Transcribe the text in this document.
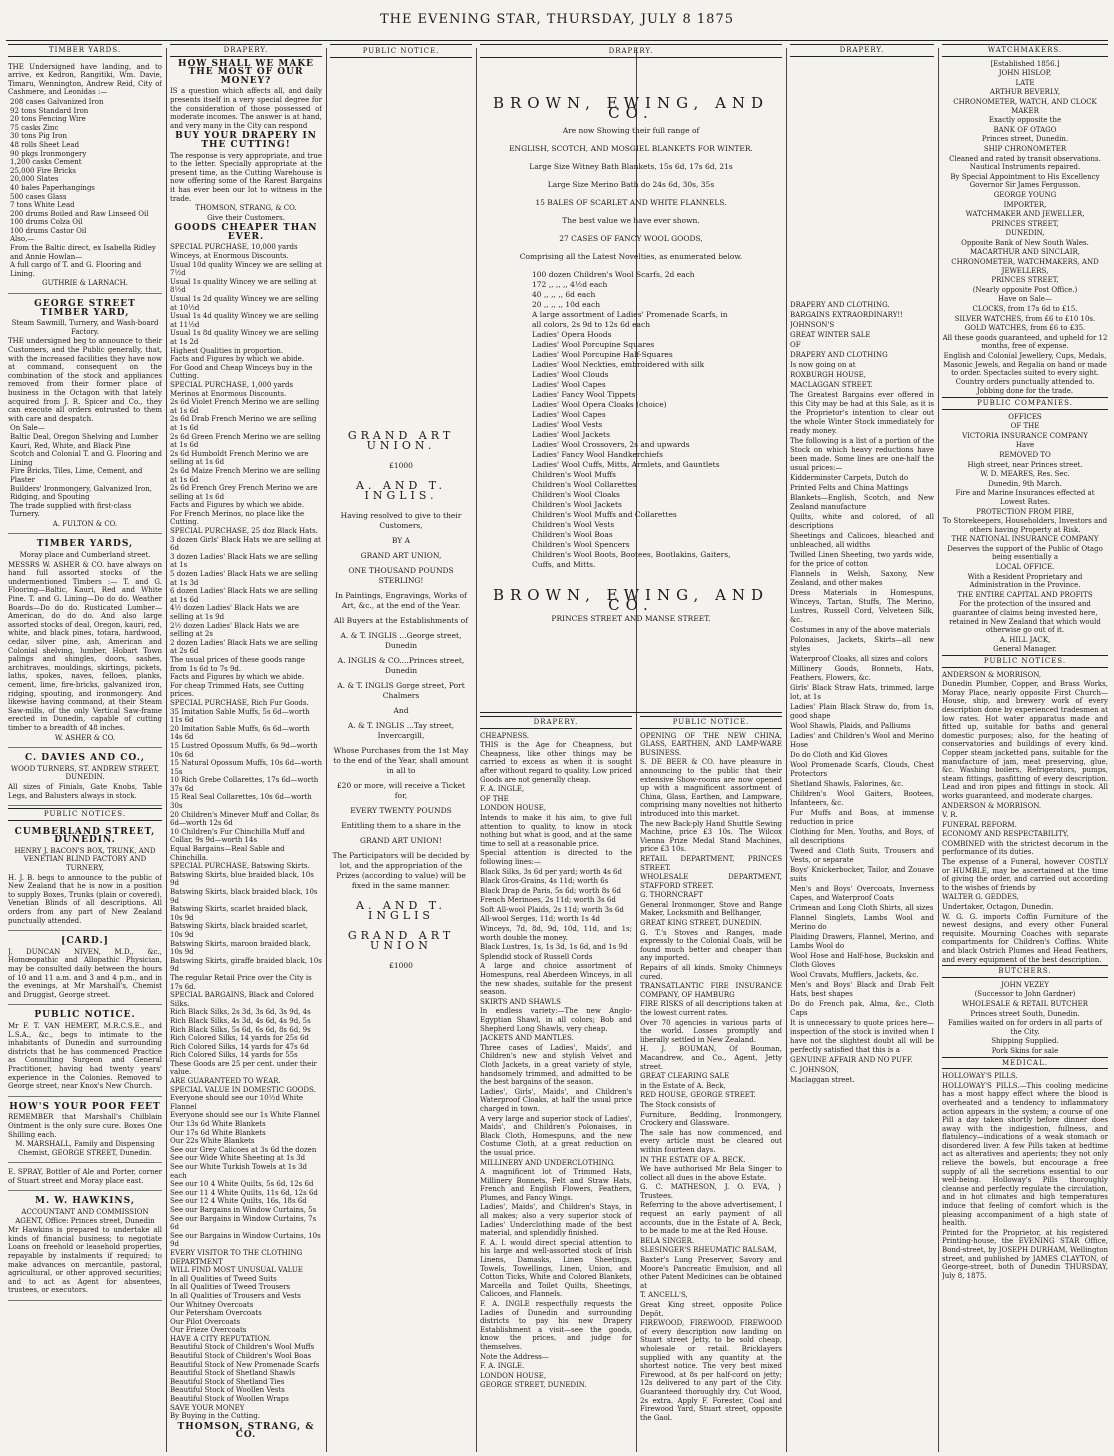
THE EVENING STAR, THURSDAY, JULY 8 1875
TIMBER YARDS.
THE Undersigned have landing, and to arrive, ex Kedron, Rangitiki, Wm. Davie, Timaru, Wennington, Andrew Reid, City of Cashmere, and Leonidas :—
208 cases Galvanized Iron
92 tons Standard Iron
20 tons Fencing Wire
75 casks Zinc
30 tons Pig Iron
48 rolls Sheet Lead
90 pkgs Ironmongery
1,200 casks Cement
25,000 Fire Bricks
20,000 Slates
40 bales Paperhangings
500 cases Glass
7 tons White Lead
200 drums Boiled and Raw Linseed Oil
100 drums Colza Oil
100 drums Castor Oil
Also,—
From the Baltic direct, ex Isabella Ridley and Annie Howlan—
A full cargo of T. and G. Flooring and Lining.
GUTHRIE & LARNACH.
GEORGE STREET TIMBER YARD,
Steam Sawmill, Turnery, and Wash-board Factory.
THE undersigned beg to announce to their Customers, and the Public generally, that, with the increased facilities they have now at command, consequent on the combination of the stock and appliances removed from their former place of business in the Octagon with that lately acquired from J. R. Spicer and Co., they can execute all orders entrusted to them with care and despatch.
On Sale—
Baltic Deal, Oregon Shelving and Lumber
Kauri, Red, White, and Black Pine
Scotch and Colonial T. and G. Flooring and Lining
Fire Bricks, Tiles, Lime, Cement, and Plaster
Builders' Ironmongery, Galvanized Iron, Ridging, and Spouting
The trade supplied with first-class Turnery.
A. FULTON & CO.
TIMBER YARDS,
Moray place and Cumberland street.
MESSRS W. ASHER & CO. have always on hand full assorted stocks of the undermentioned Timbers :— T. and G. Flooring—Baltic, Kauri, Red and White Pine. T. and G. Lining—Do do do. Weather Boards—Do do do. Rusticated Lumber—American, do do do. And also large assorted stocks of deal, Oregon, kauri, red, white, and black pines, totara, hardwood, cedar, silver pine, ash, American and Colonial shelving, lumber, Hobart Town palings and shingles, doors, sashes, architraves, mouldings, skirtings, pickets, laths, spokes, naves, felloes, planks, cement, lime, fire-bricks, galvanized iron, ridging, spouting, and ironmongery. And likewise having command, at their Steam Saw-mills, of the only Vertical Saw-frame erected in Dunedin, capable of cutting timber to a breadth of 48 inches.
W. ASHER & CO.
C. DAVIES AND CO.,
WOOD TURNERS, ST. ANDREW STREET, DUNEDIN.
All sizes of Finials, Gate Knobs, Table Legs, and Balusters always in stock.
PUBLIC NOTICES.
CUMBERLAND STREET, DUNEDIN.
HENRY J. BACON'S BOX, TRUNK, AND VENETIAN BLIND FACTORY AND TURNERY,
H. J. B. begs to announce to the public of New Zealand that he is now in a position to supply Boxes, Trunks (plain or covered), Venetian Blinds of all descriptions. All orders from any part of New Zealand punctually attended.
[CARD.]
J. DUNCAN NIVEN, M.D., &c., Homœopathic and Allopathic Physician, may be consulted daily between the hours of 10 and 11 a.m. and 3 and 4 p.m., and in the evenings, at Mr Marshall's, Chemist and Druggist, George street.
PUBLIC NOTICE.
Mr F. T. VAN HEMERT, M.R.C.S.E., and L.S.A., &c., begs to intimate to the inhabitants of Dunedin and surrounding districts that he has commenced Practice as Consulting Surgeon and General Practitioner, having had twenty years' experience in the Colonies. Removed to George street, near Knox's New Church.
HOW'S YOUR POOR FEET
REMEMBER that Marshall's Chilblain Ointment is the only sure cure. Boxes One Shilling each.
M. MARSHALL, Family and Dispensing Chemist, GEORGE STREET, Dunedin.
E. SPRAY, Bottler of Ale and Porter, corner of Stuart street and Moray place east.
M. W. HAWKINS,
ACCOUNTANT AND COMMISSION AGENT, Office: Princes street, Dunedin
Mr Hawkins is prepared to undertake all kinds of financial business; to negotiate Loans on freehold or leasehold properties, repayable by instalments if required; to make advances on mercantile, pastoral, agricultural, or other approved securities; and to act as Agent for absentees, trustees, or executors.
DRAPERY.
HOW SHALL WE MAKE THE MOST OF OUR MONEY?
IS a question which affects all, and daily presents itself in a very special degree for the consideration of those possessed of moderate incomes. The answer is at hand, and very many in the City can respond
BUY YOUR DRAPERY IN THE CUTTING!
The response is very appropriate, and true to the letter. Specially appropriate at the present time, as the Cutting Warehouse is now offering some of the Rarest Bargains it has ever been our lot to witness in the trade.
THOMSON, STRANG, & CO.
Give their Customers.
GOODS CHEAPER THAN EVER.
SPECIAL PURCHASE, 10,000 yards Winceys, at Enormous Discounts.
Usual 10d quality Wincey we are selling at 7½d
Usual 1s quality Wincey we are selling at 8½d
Usual 1s 2d quality Wincey we are selling at 10½d
Usual 1s 4d quality Wincey we are selling at 11½d
Usual 1s 8d quality Wincey we are selling at 1s 2d
Highest Qualities in proportion.
Facts and Figures by which we abide.
For Good and Cheap Winceys buy in the Cutting.
SPECIAL PURCHASE, 1,000 yards Merinos at Enormous Discounts.
2s 6d Violet French Merino we are selling at 1s 6d
2s 6d Drab French Merino we are selling at 1s 6d
2s 6d Green French Merino we are selling at 1s 6d
2s 6d Humboldt French Merino we are selling at 1s 6d
2s 6d Maize French Merino we are selling at 1s 6d
2s 6d French Grey French Merino we are selling at 1s 6d
Facts and Figures by which we abide.
For French Merinos, no place like the Cutting.
SPECIAL PURCHASE, 25 doz Black Hats.
3 dozen Girls' Black Hats we are selling at 6d
3 dozen Ladies' Black Hats we are selling at 1s
5 dozen Ladies' Black Hats we are selling at 1s 3d
6 dozen Ladies' Black Hats we are selling at 1s 6d
4½ dozen Ladies' Black Hats we are selling at 1s 9d
2½ dozen Ladies' Black Hats we are selling at 2s
2 dozen Ladies' Black Hats we are selling at 2s 6d
The usual prices of these goods range from 1s 6d to 7s 9d.
Facts and Figures by which we abide.
For cheap Trimmed Hats, see Cutting prices.
SPECIAL PURCHASE, Rich Fur Goods.
35 Imitation Sable Muffs, 5s 6d—worth 11s 6d
20 Imitation Sable Muffs, 6s 6d—worth 14s 6d
15 Lustred Opossum Muffs, 6s 9d—worth 10s 6d
15 Natural Opossum Muffs, 10s 6d—worth 15s
10 Rich Grebe Collarettes, 17s 6d—worth 37s 6d
15 Real Seal Collarettes, 10s 6d—worth 30s
20 Children's Minever Muff and Collar, 8s 6d—worth 12s 6d
10 Children's Fur Chinchilla Muff and Collar, 9s 9d—worth 14s
Equal Bargains—Real Sable and Chinchilla.
SPECIAL PURCHASE, Batswing Skirts.
Batswing Skirts, blue braided black, 10s 9d
Batswing Skirts, black braided black, 10s 9d
Batswing Skirts, scarlet braided black, 10s 9d
Batswing Skirts, black braided scarlet, 10s 9d
Batswing Skirts, maroon braided black, 10s 9d
Batswing Skirts, giraffe braided black, 10s 9d
The regular Retail Price over the City is 17s 6d.
SPECIAL BARGAINS, Black and Colored Silks.
Rich Black Silks, 2s 3d, 3s 6d, 3s 9d, 4s
Rich Black Silks, 4s 3d, 4s 6d, 4s 9d, 5s
Rich Black Silks, 5s 6d, 6s 6d, 8s 6d, 9s
Rich Colored Silks, 14 yards for 25s 6d
Rich Colored Silks, 14 yards for 47s 6d
Rich Colored Silks, 14 yards for 55s
These Goods are 25 per cent. under their value.
ARE GUARANTEED TO WEAR.
SPECIAL VALUE IN DOMESTIC GOODS.
Everyone should see our 10½d White Flannel
Everyone should see our 1s White Flannel
Our 13s 6d White Blankets
Our 17s 6d White Blankets
Our 22s White Blankets
See our Grey Calicoes at 3s 6d the dozen
See our Wide White Sheeting at 1s 3d
See our White Turkish Towels at 1s 3d each
See our 10 4 White Quilts, 5s 6d, 12s 6d
See our 11 4 White Quilts, 11s 6d, 12s 6d
See our 12 4 White Quilts, 16s, 18s 6d
See our Bargains in Window Curtains, 5s
See our Bargains in Window Curtains, 7s 6d
See our Bargains in Window Curtains, 10s 9d
EVERY VISITOR TO THE CLOTHING DEPARTMENT
WILL FIND MOST UNUSUAL VALUE
In all Qualities of Tweed Suits
In all Qualities of Tweed Trousers
In all Qualities of Trousers and Vests
Our Whitney Overcoats
Our Petersham Overcoats
Our Pilot Overcoats
Our Frieze Overcoats
HAVE A CITY REPUTATION.
Beautiful Stock of Children's Wool Muffs
Beautiful Stock of Children's Wool Boas
Beautiful Stock of New Promenade Scarfs
Beautiful Stock of Shetland Shawls
Beautiful Stock of Shetland Ties
Beautiful Stock of Woollen Vests
Beautiful Stock of Woollen Wraps
SAVE YOUR MONEY
By Buying in the Cutting.
THOMSON, STRANG, & CO.
PUBLIC NOTICE.
GRAND ART UNION.
£1000
A. AND T. INGLIS.
Having resolved to give to their Customers,
BY A
GRAND ART UNION,
ONE THOUSAND POUNDS STERLING!
In Paintings, Engravings, Works of Art, &c., at the end of the Year.
All Buyers at the Establishments of
A. & T. INGLIS ...George street, Dunedin
A. INGLIS & CO....Princes street, Dunedin
A. & T. INGLIS Gorge street, Port Chalmers
And
A. & T. INGLIS ...Tay street, Invercargill,
Whose Purchases from the 1st May to the end of the Year, shall amount in all to
£20 or more, will receive a Ticket for,
EVERY TWENTY POUNDS
Entitling them to a share in the
GRAND ART UNION!
The Participators will be decided by lot, and the appropriation of the Prizes (according to value) will be fixed in the same manner.
A. AND T. INGLIS
GRAND ART UNION
£1000
DRAPERY.
BROWN, EWING, AND CO.
Are now Showing their full range of
ENGLISH, SCOTCH, AND MOSGIEL BLANKETS FOR WINTER.
Large Size Witney Bath Blankets, 15s 6d, 17s 6d, 21s
Large Size Merino Bath do 24s 6d, 30s, 35s
15 BALES OF SCARLET AND WHITE FLANNELS.
The best value we have ever shown.
27 CASES OF FANCY WOOL GOODS,
Comprising all the Latest Novelties, as enumerated below.
100 dozen Children's Wool Scarfs, 2d each
172 ,, ,, ,, 4½d each
40 ,, ,, ,, 6d each
20 ,, ,, ,, 10d each
A large assortment of Ladies' Promenade Scarfs, in all colors, 2s 9d to 12s 6d each
Ladies' Opera Hoods
Ladies' Wool Porcupine Squares
Ladies' Wool Porcupine Half-Squares
Ladies' Wool Neckties, embroidered with silk
Ladies' Wool Clouds
Ladies' Wool Capes
Ladies' Fancy Wool Tippets
Ladies' Wool Opera Cloaks (choice)
Ladies' Wool Capes
Ladies' Wool Vests
Ladies' Wool Jackets
Ladies' Wool Crossovers, 2s and upwards
Ladies' Fancy Wool Handkerchiefs
Ladies' Wool Cuffs, Mitts, Armlets, and Gauntlets
Children's Wool Muffs
Children's Wool Collarettes
Children's Wool Cloaks
Children's Wool Jackets
Children's Wool Muffs and Collarettes
Children's Wool Vests
Children's Wool Boas
Children's Wool Spencers
Children's Wool Boots, Bootees, Bootlakins, Gaiters, Cuffs, and Mitts.
BROWN, EWING, AND CO.
PRINCES STREET AND MANSE STREET.
DRAPERY.
CHEAPNESS.
THIS is the Age for Cheapness, but Cheapness, like other things may be carried to excess as when it is sought after without regard to quality. Low priced Goods are not generally cheap.
F. A. INGLE,
OF THE
LONDON HOUSE,
Intends to make it his aim, to give full attention to quality, to know in stock nothing but what is good, and at the same time to sell at a reasonable price.
Special attention is directed to the following lines:—
Black Silks, 3s 6d per yard; worth 4s 6d
Black Gros-Grains, 4s 11d; worth 6s
Black Drap de Paris, 5s 6d; worth 8s 6d
French Merinoes, 2s 11d; worth 3s 6d
Soft All-wool Plaids, 2s 11d; worth 3s 6d
All-wool Serges, 11d; worth 1s 4d
Winceys, 7d, 8d, 9d, 10d, 11d, and 1s; worth double the money.
Black Lustres, 1s, 1s 3d, 1s 6d, and 1s 9d
Splendid stock of Russell Cords
A large and choice assortment of Homespuns, real Aberdeen Winceys, in all the new shades, suitable for the present season.
SKIRTS AND SHAWLS
In endless variety:—The new Anglo-Egyptian Shawl, in all colors; Bob and Shepherd Long Shawls, very cheap.
JACKETS AND MANTLES.
Three cases of Ladies', Maids', and Children's new and stylish Velvet and Cloth Jackets, in a great variety of style, handsomely trimmed, and admitted to be the best bargains of the season.
Ladies', Girls', Maids', and Children's Waterproof Cloaks, at half the usual price charged in town.
A very large and superior stock of Ladies', Maids', and Children's Polonaises, in Black Cloth, Homespuns, and the new Costume Cloth, at a great reduction on the usual price.
MILLINERY AND UNDERCLOTHING.
A magnificent lot of Trimmed Hats, Millinery Bonnets, Felt and Straw Hats, French and English Flowers, Feathers, Plumes, and Fancy Wings.
Ladies', Maids', and Children's Stays, in all makes; also a very superior stock of Ladies' Underclothing made of the best material, and splendidly finished.
F. A. I. would direct special attention to his large and well-assorted stock of Irish Linens, Damasks, Linen Sheetings, Towels, Towellings, Linen, Union, and Cotton Ticks, White and Colored Blankets, Marcella and Toilet Quilts, Sheetings, Calicoes, and Flannels.
F. A. INGLE respectfully requests the Ladies of Dunedin and surrounding districts to pay his new Drapery Establishment a visit—see the goods, know the prices, and judge for themselves.
Note the Address—
F. A. INGLE.
LONDON HOUSE,
GEORGE STREET, DUNEDIN.
PUBLIC NOTICE.
OPENING OF THE NEW CHINA, GLASS, EARTHEN, AND LAMP-WARE BUSINESS.
S. DE BEER & CO. have pleasure in announcing to the public that their extensive Show-rooms are now opened up with a magnificent assortment of China, Glass, Earthen, and Lampware, comprising many novelties not hitherto introduced into this market.
The new Back-ply Hand Shuttle Sewing Machine, price £3 10s. The Wilcox Vienna Prize Medal Stand Machines, price £3 10s.
RETAIL DEPARTMENT, PRINCES STREET.
WHOLESALE DEPARTMENT, STAFFORD STREET.
G. THORNCRAFT
General Ironmonger, Stove and Range Maker, Locksmith and Bellhanger,
GREAT KING STREET, DUNEDIN.
G. T.'s Stoves and Ranges, made expressly to the Colonial Coals, will be found much better and cheaper than any imported.
Repairs of all kinds. Smoky Chimneys cured.
TRANSATLANTIC FIRE INSURANCE COMPANY, OF HAMBURG
FIRE RISKS of all descriptions taken at the lowest current rates.
Over 70 agencies in various parts of the world. Losses promptly and liberally settled in New Zealand.
H. J. BOUMAN, Of Bouman, Macandrew, and Co., Agent, Jetty street.
GREAT CLEARING SALE
in the Estate of A. Beck,
RED HOUSE, GEORGE STREET.
The Stock consists of
Furniture, Bedding, Ironmongery, Crockery and Glassware.
The sale has now commenced, and every article must be cleared out within fourteen days.
IN THE ESTATE OF A. BECK.
We have authorised Mr Bela Singer to collect all dues in the above Estate.
G. C. MATHESON, J. O. EVA, } Trustees.
Referring to the above advertisement, I request an early payment of all accounts, due in the Estate of A. Beck, to be made to me at the Red House.
BELA SINGER.
SLESINGER'S RHEUMATIC BALSAM,
Baxter's Lung Preserver, Savory and Moore's Pancreatic Emulsion, and all other Patent Medicines can be obtained at
T. ANCELL'S,
Great King street, opposite Police Depôt.
FIREWOOD, FIREWOOD, FIREWOOD of every description now landing on Stuart street Jetty, to be sold cheap, wholesale or retail. Bricklayers supplied with any quantity at the shortest notice. The very best mixed Firewood, at 8s per half-cord on jetty; 12s delivered to any part of the City. Guaranteed thoroughly dry. Cut Wood, 2s extra. Apply F. Forester, Coal and Firewood Yard, Stuart street, opposite the Gaol.
DRAPERY.
DRAPERY AND CLOTHING.
BARGAINS EXTRAORDINARY!!
JOHNSON'S
GREAT WINTER SALE
OF
DRAPERY AND CLOTHING
Is now going on at
ROXBURGH HOUSE,
MACLAGGAN STREET.
The Greatest Bargains ever offered in this City may be had at this Sale, as it is the Proprietor's intention to clear out the whole Winter Stock immediately for ready money.
The following is a list of a portion of the Stock on which heavy reductions have been made. Some lines are one-half the usual prices:—
Kidderminster Carpets, Dutch do
Printed Felts and China Mattings
Blankets—English, Scotch, and New Zealand manufacture
Quilts, white and colored, of all descriptions
Sheetings and Calicoes, bleached and unbleached, all widths
Twilled Linen Sheeting, two yards wide, for the price of cotton
Flannels in Welsh, Saxony, New Zealand, and other makes
Dress Materials in Homespuns, Winceys, Tartan, Stuffs, The Merino, Lustres, Russell Cord, Velveteen Silk, &c.
Costumes in any of the above materials
Polonaises, Jackets, Skirts—all new styles
Waterproof Cloaks, all sizes and colors
Millinery Goods, Bonnets, Hats, Feathers, Flowers, &c.
Girls' Black Straw Hats, trimmed, large lot, at 1s
Ladies' Plain Black Straw do, from 1s, good shape
Wool Shawls, Plaids, and Palliums
Ladies' and Children's Wool and Merino Hose
Do do Cloth and Kid Gloves
Wool Promenade Scarfs, Clouds, Chest Protectors
Shetland Shawls, Falorines, &c.
Children's Wool Gaiters, Bootees, Infanteers, &c.
Fur Muffs and Boas, at immense reduction in price
Clothing for Men, Youths, and Boys, of all descriptions
Tweed and Cloth Suits, Trousers and Vests, or separate
Boys' Knickerbocker, Tailor, and Zouave suits
Men's and Boys' Overcoats, Inverness Capes, and Waterproof Coats
Crimean and Long Cloth Shirts, all sizes
Flannel Singlets, Lambs Wool and Merino do
Plaiding Drawers, Flannel, Merino, and Lambs Wool do
Wool Hose and Half-hose, Buckskin and Cloth Gloves
Wool Cravats, Mufflers, Jackets, &c.
Men's and Boys' Black and Drab Felt Hats, best shapes
Do do French pak, Alma, &c., Cloth Caps
It is unnecessary to quote prices here—inspection of the stock is invited when I have not the slightest doubt all will be perfectly satisfied that this is a
GENUINE AFFAIR AND NO PUFF.
C. JOHNSON,
Maclaggan street.
WATCHMAKERS.
[Established 1856.]
JOHN HISLOP,
LATE
ARTHUR BEVERLY,
CHRONOMETER, WATCH, AND CLOCK MAKER
Exactly opposite the
BANK OF OTAGO
Princes street, Dunedin.
SHIP CHRONOMETER
Cleaned and rated by transit observations. Nautical Instruments repaired.
By Special Appointment to His Excellency Governor Sir James Fergusson.
GEORGE YOUNG
IMPORTER,
WATCHMAKER AND JEWELLER,
PRINCES STREET,
DUNEDIN,
Opposite Bank of New South Wales.
MACARTHUR AND SINCLAIR,
CHRONOMETER, WATCHMAKERS, AND JEWELLERS,
PRINCES STREET,
(Nearly opposite Post Office.)
Have on Sale—
CLOCKS, from 17s 6d to £15.
SILVER WATCHES, from £6 to £10 10s.
GOLD WATCHES, from £6 to £35.
All these goods guaranteed, and upheld for 12 months, free of expense.
English and Colonial Jewellery, Cups, Medals, Masonic Jewels, and Regalia on hand or made to order. Spectacles suited to every sight. Country orders punctually attended to.
Jobbing done for the trade.
PUBLIC COMPANIES.
OFFICES
OF THE
VICTORIA INSURANCE COMPANY
Have
REMOVED TO
High street, near Princes street.
W. D. MEARES, Res. Sec.
Dunedin, 9th March.
Fire and Marine Insurances effected at Lowest Rates.
PROTECTION FROM FIRE,
To Storekeepers, Householders, Investors and others having Property at Risk.
THE NATIONAL INSURANCE COMPANY
Deserves the support of the Public of Otago being essentially a
LOCAL OFFICE.
With a Resident Proprietary and Administration in the Province.
THE ENTIRE CAPITAL AND PROFITS
For the protection of the insured and guarantee of claims being invested here, retained in New Zealand that which would otherwise go out of it.
A. HILL JACK,
General Manager.
PUBLIC NOTICES.
ANDERSON & MORRISON,
Dunedin Plumber, Copper, and Brass Works, Moray Place, nearly opposite First Church—House, ship, and brewery work of every description done by experienced tradesmen at low rates. Hot water apparatus made and fitted up, suitable for baths and general domestic purposes; also, for the heating of conservatories and buildings of every kind. Copper steam jacketted pans, suitable for the manufacture of jam, meat preserving, glue, &c. Washing boilers, Refrigerators, pumps, steam fittings, gasfitting of every description. Lead and iron pipes and fittings in stock. All works guaranteed, and moderate charges.
ANDERSON & MORRISON.
V. R.
FUNERAL REFORM.
ECONOMY AND RESPECTABILITY,
COMBINED with the strictest decorum in the performance of its duties.
The expense of a Funeral, however COSTLY or HUMBLE, may be ascertained at the time of giving the order, and carried out according to the wishes of friends by
WALTER G. GEDDES,
Undertaker, Octagon, Dunedin.
W. G. G. imports Coffin Furniture of the newest designs, and every other Funeral requisite. Mourning Coaches with separate compartments for Children's Coffins. White and black Ostrich Plumes and Head Feathers, and every equipment of the best description.
BUTCHERS.
JOHN VEZEY
(Successor to John Gardner)
WHOLESALE & RETAIL BUTCHER
Princes street South, Dunedin.
Families waited on for orders in all parts of the City.
Shipping Supplied.
Pork Skins for sale
MEDICAL.
HOLLOWAY'S PILLS.
HOLLOWAY'S PILLS.—This cooling medicine has a most happy effect where the blood is overheated and a tendency to inflammatory action appears in the system; a course of one Pill a day taken shortly before dinner does away with the indigestion, fullness, and flatulency—indications of a weak stomach or disordered liver. A few Pills taken at bedtime act as alteratives and aperients; they not only relieve the bowels, but encourage a free supply of all the secretions essential to our well-being. Holloway's Pills thoroughly cleanse and perfectly regulate the circulation, and in hot climates and high temperatures induce that feeling of comfort which is the pleasing accompaniment of a high state of health.
Printed for the Proprietor, at his registered Printing-house, the EVENING STAR Office, Bond-street, by JOSEPH DURHAM, Wellington street, and published by JAMES CLAYTON, of George-street, both of Dunedin THURSDAY, July 8, 1875.
